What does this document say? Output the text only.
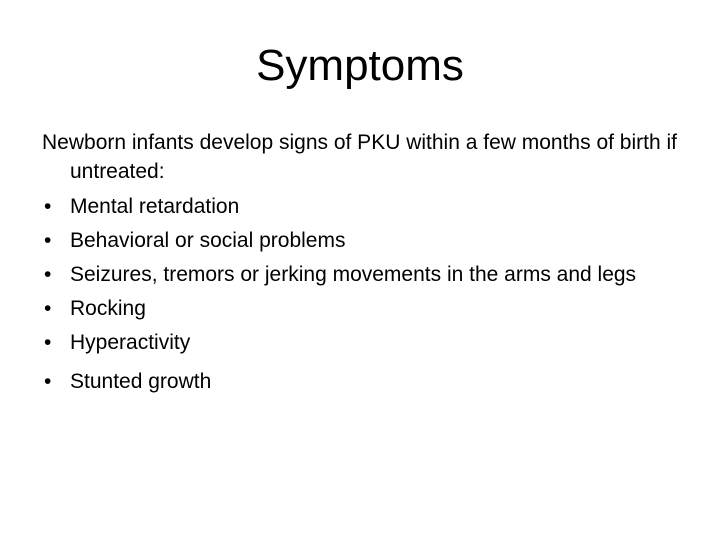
Symptoms

Newborn infants develop signs of PKU within a few months of birth if untreated:

• Mental retardation
• Behavioral or social problems
• Seizures, tremors or jerking movements in the arms and legs
• Rocking
• Hyperactivity
• Stunted growth
